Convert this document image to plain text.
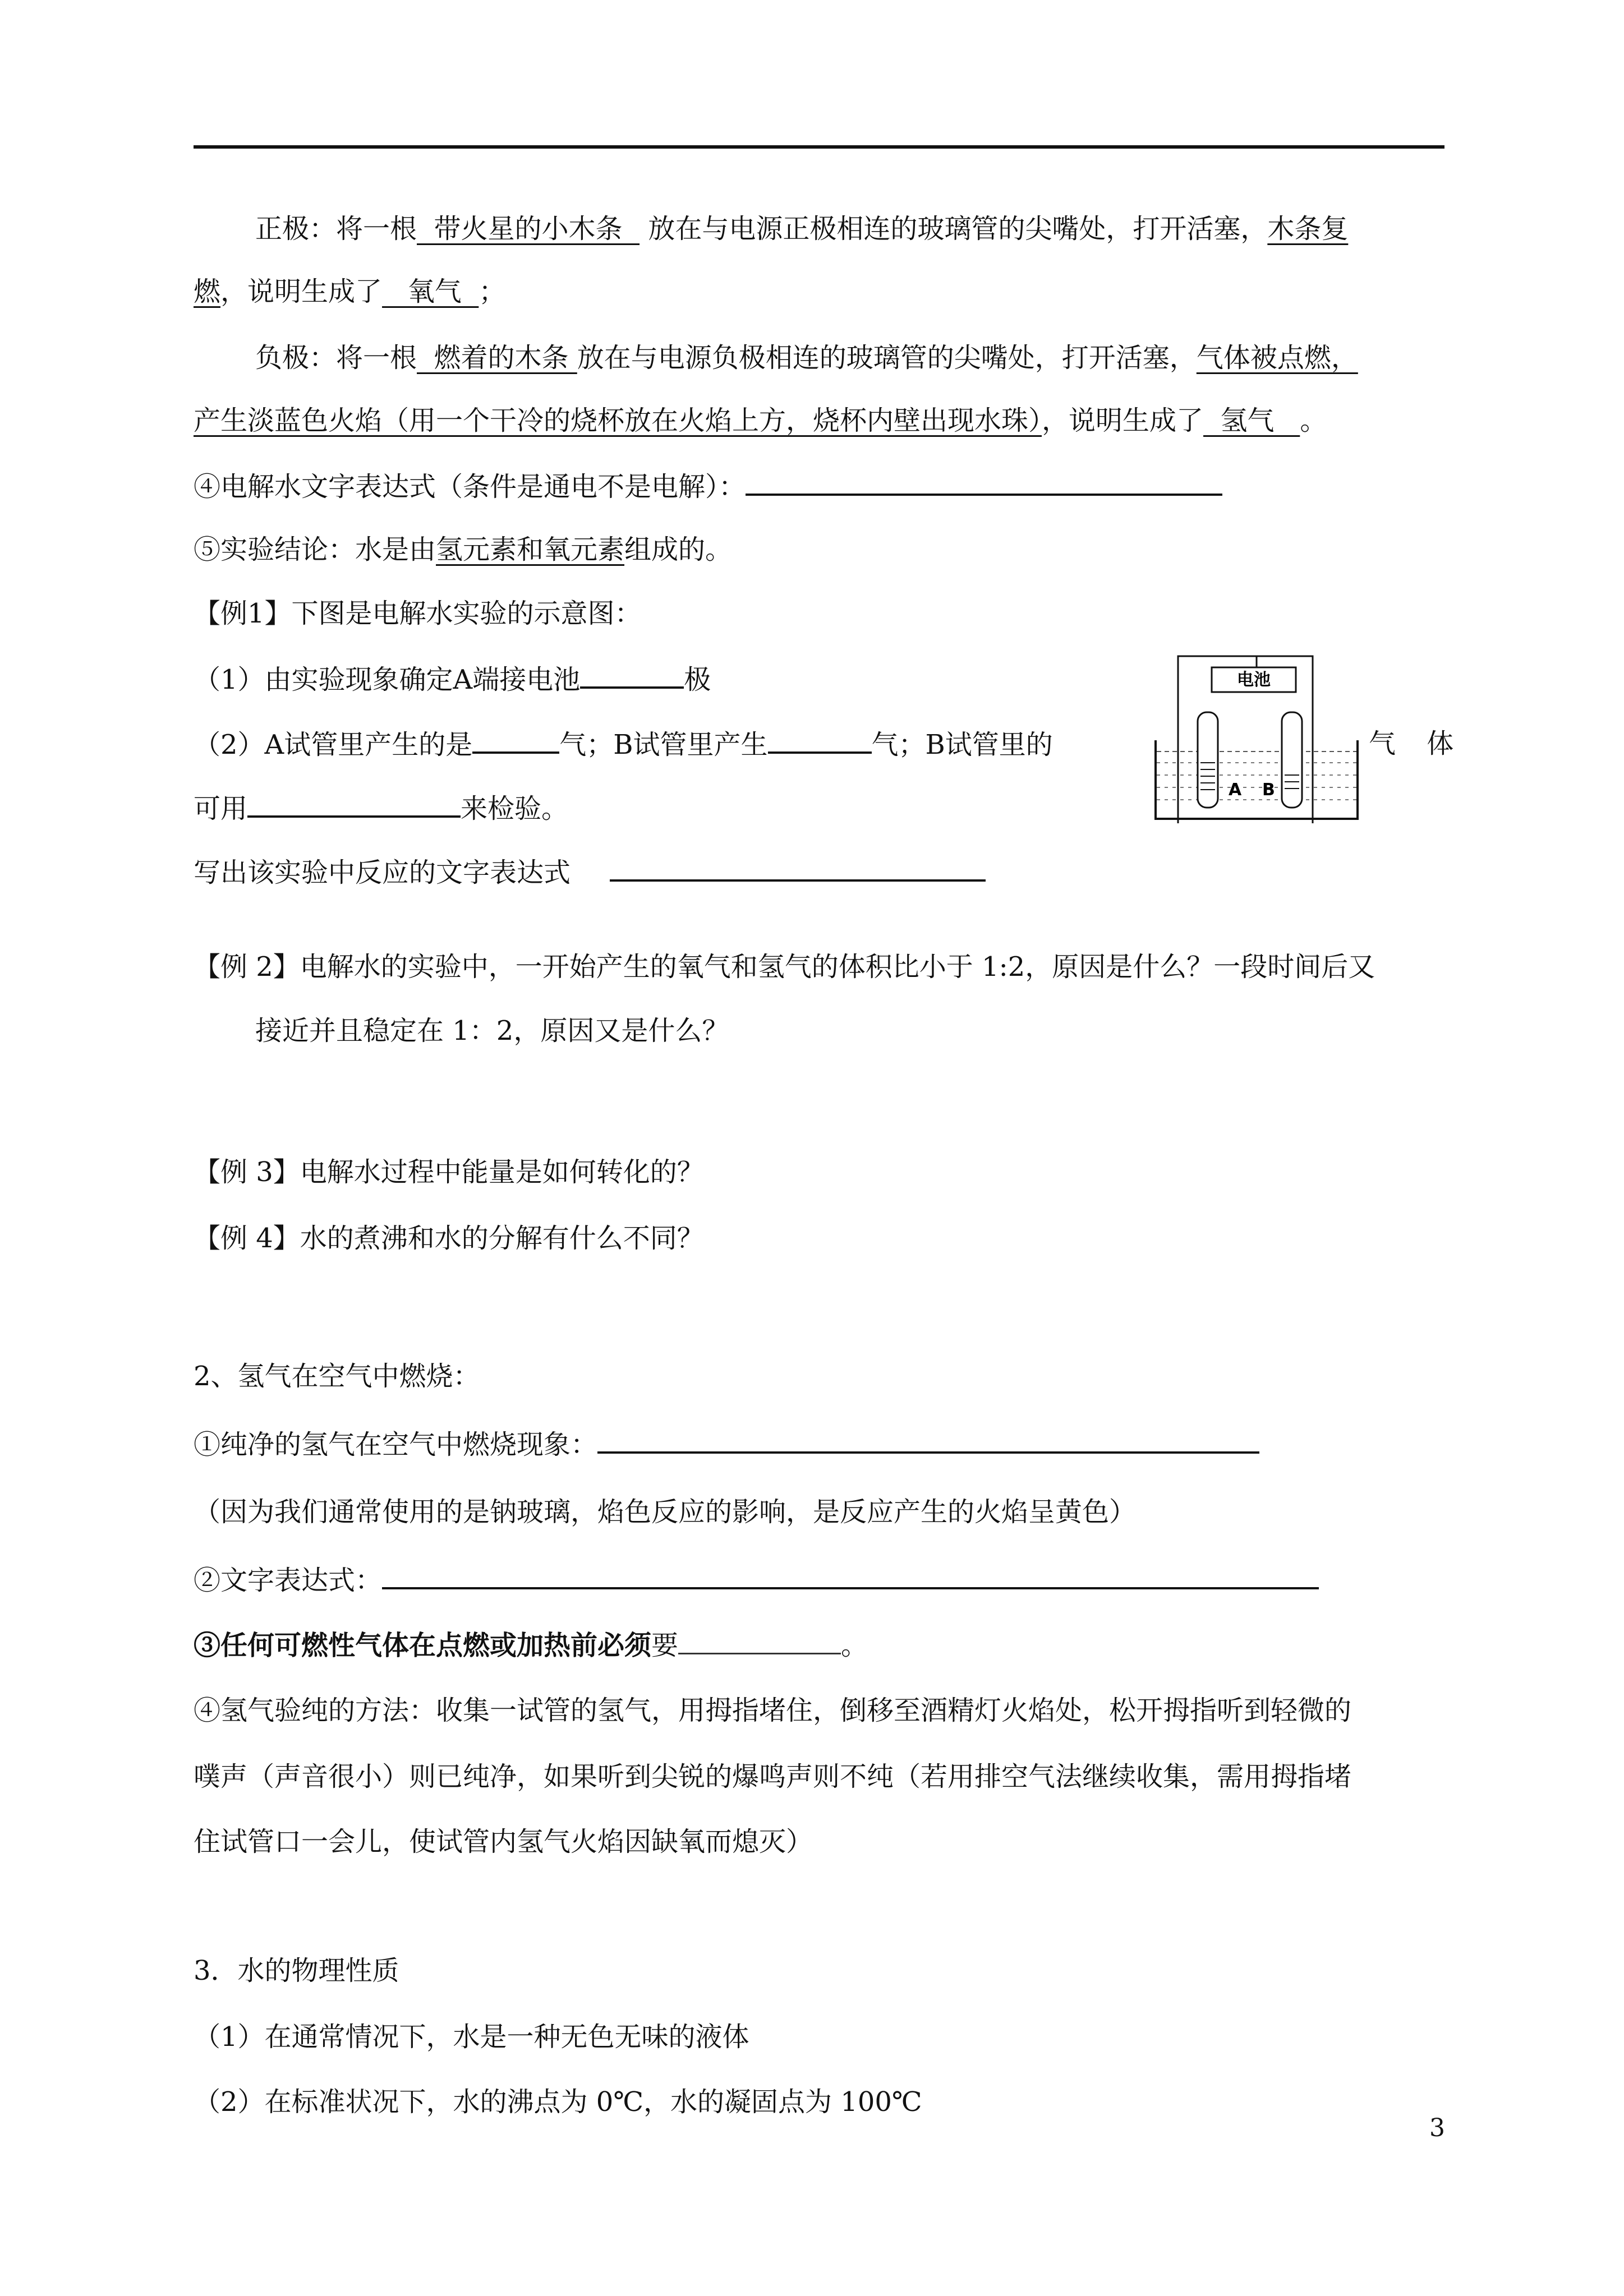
正极：将一根  带火星的小木条   放在与电源正极相连的玻璃管的尖嘴处，打开活塞，木条复
燃，说明生成了   氧气  ；
负极：将一根  燃着的木条 放在与电源负极相连的玻璃管的尖嘴处，打开活塞，气体被点燃，
产生淡蓝色火焰（用一个干冷的烧杯放在火焰上方，烧杯内壁出现水珠），说明生成了  氢气   。
④电解水文字表达式（条件是通电不是电解）：
⑤实验结论：水是由氢元素和氧元素组成的。
【例1】下图是电解水实验的示意图：
（1）由实验现象确定A端接电池	极
（2）A试管里产生的是	气；B试管里产生	气；B试管里的	气 体
可用	来检验。
写出该实验中反应的文字表达式
电池
A B
【例 2】电解水的实验中，一开始产生的氧气和氢气的体积比小于 1:2，原因是什么？一段时间后又
接近并且稳定在 1：2，原因又是什么？
【例 3】电解水过程中能量是如何转化的？
【例 4】水的煮沸和水的分解有什么不同？
2、氢气在空气中燃烧：
①纯净的氢气在空气中燃烧现象：
（因为我们通常使用的是钠玻璃，焰色反应的影响，是反应产生的火焰呈黄色）
②文字表达式：
③任何可燃性气体在点燃或加热前必须要	。
④氢气验纯的方法：收集一试管的氢气，用拇指堵住，倒移至酒精灯火焰处，松开拇指听到轻微的
噗声（声音很小）则已纯净，如果听到尖锐的爆鸣声则不纯（若用排空气法继续收集，需用拇指堵
住试管口一会儿，使试管内氢气火焰因缺氧而熄灭）
3．水的物理性质
（1）在通常情况下，水是一种无色无味的液体
（2）在标准状况下，水的沸点为 0℃，水的凝固点为 100℃
3
